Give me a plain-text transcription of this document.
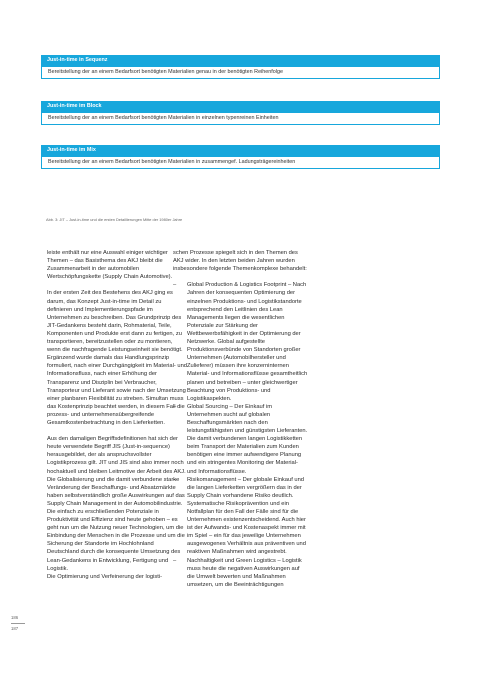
Just-in-time in Sequenz
Bereitstellung der an einem Bedarfsort benötigten Materialien genau in der benötigten Reihenfolge
Just-in-time im Block
Bereitstellung der an einem Bedarfsort benötigten Materialien in einzelnen typenreinen Einheiten
Just-in-time im Mix
Bereitstellung der an einem Bedarfsort benötigten Materialien in zusammengef. Ladungsträgereinheiten
Abb. 3: JIT – Just-in-time und die ersten Detaillierungen Mitte der 1980er Jahre

leiste enthält nur eine Auswahl einiger wichtiger Themen – das Basisthema des AKJ bleibt die Zusammenarbeit in der automobilen Wertschöpfungskette (Supply Chain Automotive).

In der ersten Zeit des Bestehens des AKJ ging es darum, das Konzept Just-in-time im Detail zu definieren und Implementierungspfade im Unternehmen zu beschreiben. Das Grundprinzip des JIT-Gedankens besteht darin, Rohmaterial, Teile, Komponenten und Produkte erst dann zu fertigen, zu transportieren, bereitzustellen oder zu montieren, wenn die nachfragende Leistungseinheit sie benötigt. Ergänzend wurde damals das Handlungsprinzip formuliert, nach einer Durchgängigkeit im Material- und Informationsfluss, nach einer Erhöhung der Transparenz und Disziplin bei Verbraucher, Transporteur und Lieferant sowie nach der Umsetzung einer planbaren Flexibilität zu streben. Simultan muss das Kostenprinzip beachtet werden, in diesem Fall die prozess- und unternehmensübergreifende Gesamtkostenbetrachtung in den Lieferketten.

Aus den damaligen Begriffsdefinitionen hat sich der heute verwendete Begriff JIS (Just-in-sequence) herausgebildet, der als anspruchsvollster Logistikprozess gilt. JIT und JIS sind also immer noch hochaktuell und bleiben Leitmotive der Arbeit des AKJ. Die Globalisierung und die damit verbundene starke Veränderung der Beschaffungs- und Absatzmärkte haben selbstverständlich große Auswirkungen auf das Supply Chain Management in der Automobilindustrie. Die einfach zu erschließenden Potenziale in Produktivität und Effizienz sind heute gehoben – es geht nun um die Nutzung neuer Technologien, um die Einbindung der Menschen in die Prozesse und um die Sicherung der Standorte im Hochlohnland Deutschland durch die konsequente Umsetzung des Lean-Gedankens in Entwicklung, Fertigung und Logistik.

Die Optimierung und Verfeinerung der logisti-

schen Prozesse spiegelt sich in den Themen des AKJ wider. In den letzten beiden Jahren wurden insbesondere folgende Themenkomplexe behandelt:

– Global Production & Logistics Footprint – Nach Jahren der konsequenten Optimierung der einzelnen Produktions- und Logistikstandorte entsprechend den Leitlinien des Lean Managements liegen die wesentlichen Potenziale zur Stärkung der Wettbewerbsfähigkeit in der Optimierung der Netzwerke. Global aufgestellte Produktionsverbünde von Standorten großer Unternehmen (Automobilhersteller und Zulieferer) müssen ihre konzerninternen Material- und Informationsflüsse gesamtheitlich planen und betreiben – unter gleichwertiger Beachtung von Produktions- und Logistikaspekten.
– Global Sourcing – Der Einkauf im Unternehmen sucht auf globalen Beschaffungsmärkten nach den leistungsfähigsten und günstigsten Lieferanten. Die damit verbundenen langen Logistikketten beim Transport der Materialien zum Kunden benötigen eine immer aufwendigere Planung und ein stringentes Monitoring der Material- und Informationsflüsse.
– Risikomanagement – Der globale Einkauf und die langen Lieferketten vergrößern das in der Supply Chain vorhandene Risiko deutlich. Systematische Risikoprävention und ein Notfallplan für den Fall der Fälle sind für die Unternehmen existenzentscheidend. Auch hier ist der Aufwands- und Kostenaspekt immer mit im Spiel – ein für das jeweilige Unternehmen ausgewogenes Verhältnis aus präventiven und reaktiven Maßnahmen wird angestrebt.
– Nachhaltigkeit und Green Logistics – Logistik muss heute die negativen Auswirkungen auf die Umwelt bewerten und Maßnahmen umsetzen, um die Beeinträchtigungen
186
187
